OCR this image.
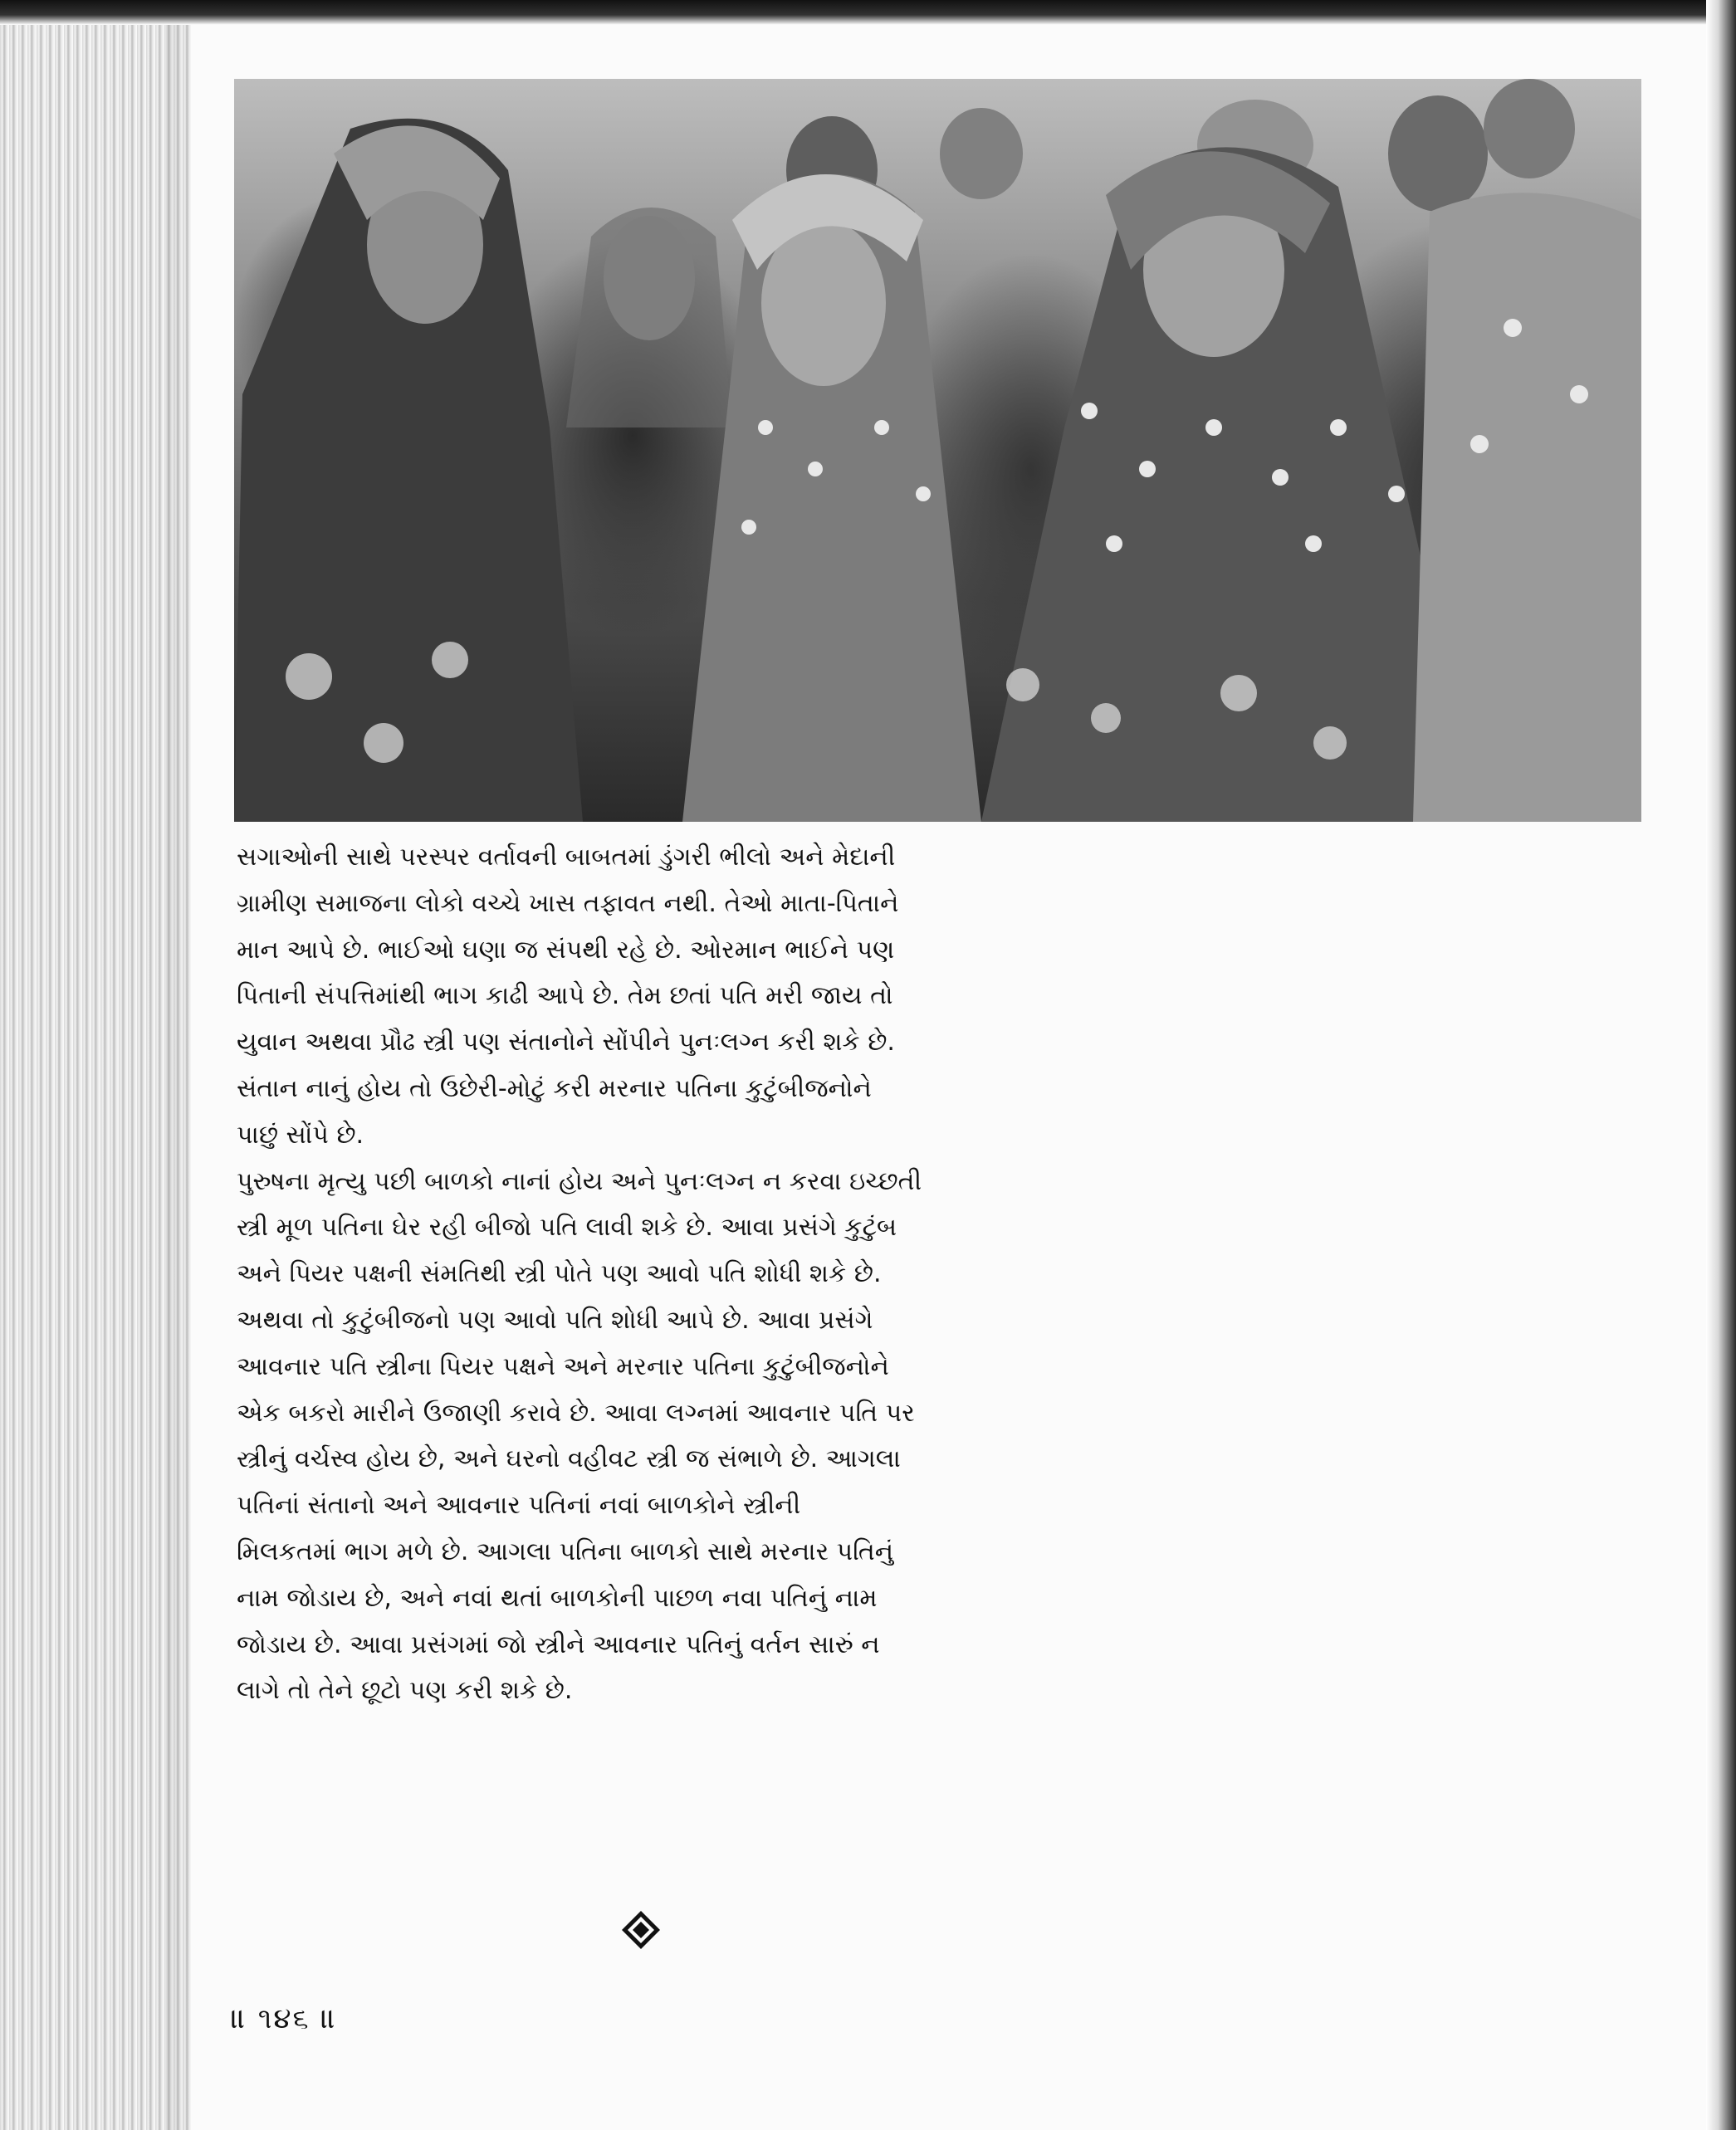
સગાઓની સાથે પરસ્પર વર્તાવની બાબતમાં ડુંગરી ભીલો અને મેદાની
ગ્રામીણ સમાજના લોકો વચ્ચે ખાસ તફાવત નથી. તેઓ માતા-પિતાને
માન આપે છે. ભાઈઓ ઘણા જ સંપથી રહે છે. ઓરમાન ભાઈને પણ
પિતાની સંપત્તિમાંથી ભાગ કાઢી આપે છે. તેમ છતાં પતિ મરી જાય તો
યુવાન અથવા પ્રૌઢ સ્ત્રી પણ સંતાનોને સોંપીને પુનઃલગ્ન કરી શકે છે.
સંતાન નાનું હોય તો ઉછેરી-મોટું કરી મરનાર પતિના કુટુંબીજનોને
પાછું સોંપે છે.
પુરુષના મૃત્યુ પછી બાળકો નાનાં હોય અને પુનઃલગ્ન ન કરવા ઇચ્છતી
સ્ત્રી મૂળ પતિના ઘેર રહી બીજો પતિ લાવી શકે છે. આવા પ્રસંગે કુટુંબ
અને પિયર પક્ષની સંમતિથી સ્ત્રી પોતે પણ આવો પતિ શોધી શકે છે.
અથવા તો કુટુંબીજનો પણ આવો પતિ શોધી આપે છે. આવા પ્રસંગે
આવનાર પતિ સ્ત્રીના પિયર પક્ષને અને મરનાર પતિના કુટુંબીજનોને
એક બકરો મારીને ઉજાણી કરાવે છે. આવા લગ્નમાં આવનાર પતિ પર
સ્ત્રીનું વર્ચસ્વ હોય છે, અને ઘરનો વહીવટ સ્ત્રી જ સંભાળે છે. આગલા
પતિનાં સંતાનો અને આવનાર પતિનાં નવાં બાળકોને સ્ત્રીની
મિલકતમાં ભાગ મળે છે. આગલા પતિના બાળકો સાથે મરનાર પતિનું
નામ જોડાય છે, અને નવાં થતાં બાળકોની પાછળ નવા પતિનું નામ
જોડાય છે. આવા પ્રસંગમાં જો સ્ત્રીને આવનાર પતિનું વર્તન સારું ન
લાગે તો તેને છૂટો પણ કરી શકે છે.
॥ ૧૪૬ ॥
